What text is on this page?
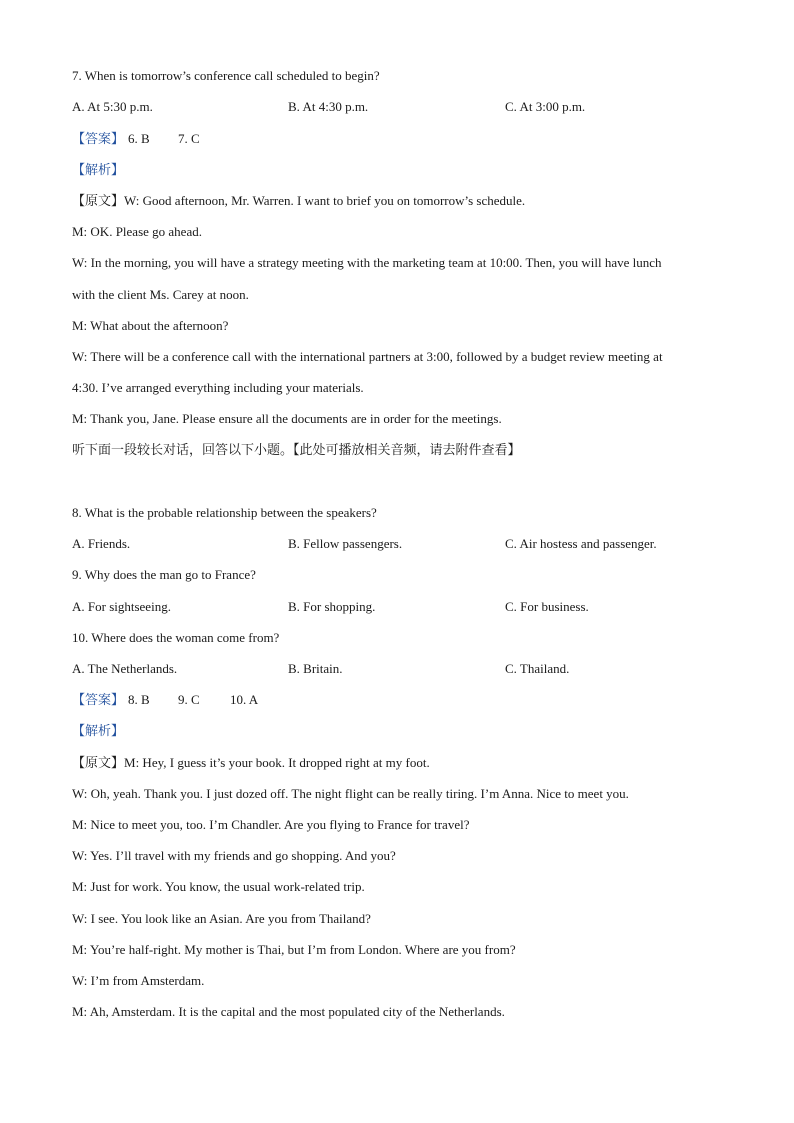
7. When is tomorrow’s conference call scheduled to begin?
A. At 5:30 p.m.	B. At 4:30 p.m.	C. At 3:00 p.m.
【答案】 6. B 7. C
【解析】
【原文】W: Good afternoon, Mr. Warren. I want to brief you on tomorrow’s schedule.
M: OK. Please go ahead.
W: In the morning, you will have a strategy meeting with the marketing team at 10:00. Then, you will have lunch
with the client Ms. Carey at noon.
M: What about the afternoon?
W: There will be a conference call with the international partners at 3:00, followed by a budget review meeting at
4:30. I’ve arranged everything including your materials.
M: Thank you, Jane. Please ensure all the documents are in order for the meetings.
听下面一段较长对话，回答以下小题。【此处可播放相关音频，请去附件查看】
8. What is the probable relationship between the speakers?
A. Friends.	B. Fellow passengers.	C. Air hostess and passenger.
9. Why does the man go to France?
A. For sightseeing.	B. For shopping.	C. For business.
10. Where does the woman come from?
A. The Netherlands.	B. Britain.	C. Thailand.
【答案】 8. B 9. C 10. A
【解析】
【原文】M: Hey, I guess it’s your book. It dropped right at my foot.
W: Oh, yeah. Thank you. I just dozed off. The night flight can be really tiring. I’m Anna. Nice to meet you.
M: Nice to meet you, too. I’m Chandler. Are you flying to France for travel?
W: Yes. I’ll travel with my friends and go shopping. And you?
M: Just for work. You know, the usual work-related trip.
W: I see. You look like an Asian. Are you from Thailand?
M: You’re half-right. My mother is Thai, but I’m from London. Where are you from?
W: I’m from Amsterdam.
M: Ah, Amsterdam. It is the capital and the most populated city of the Netherlands.
